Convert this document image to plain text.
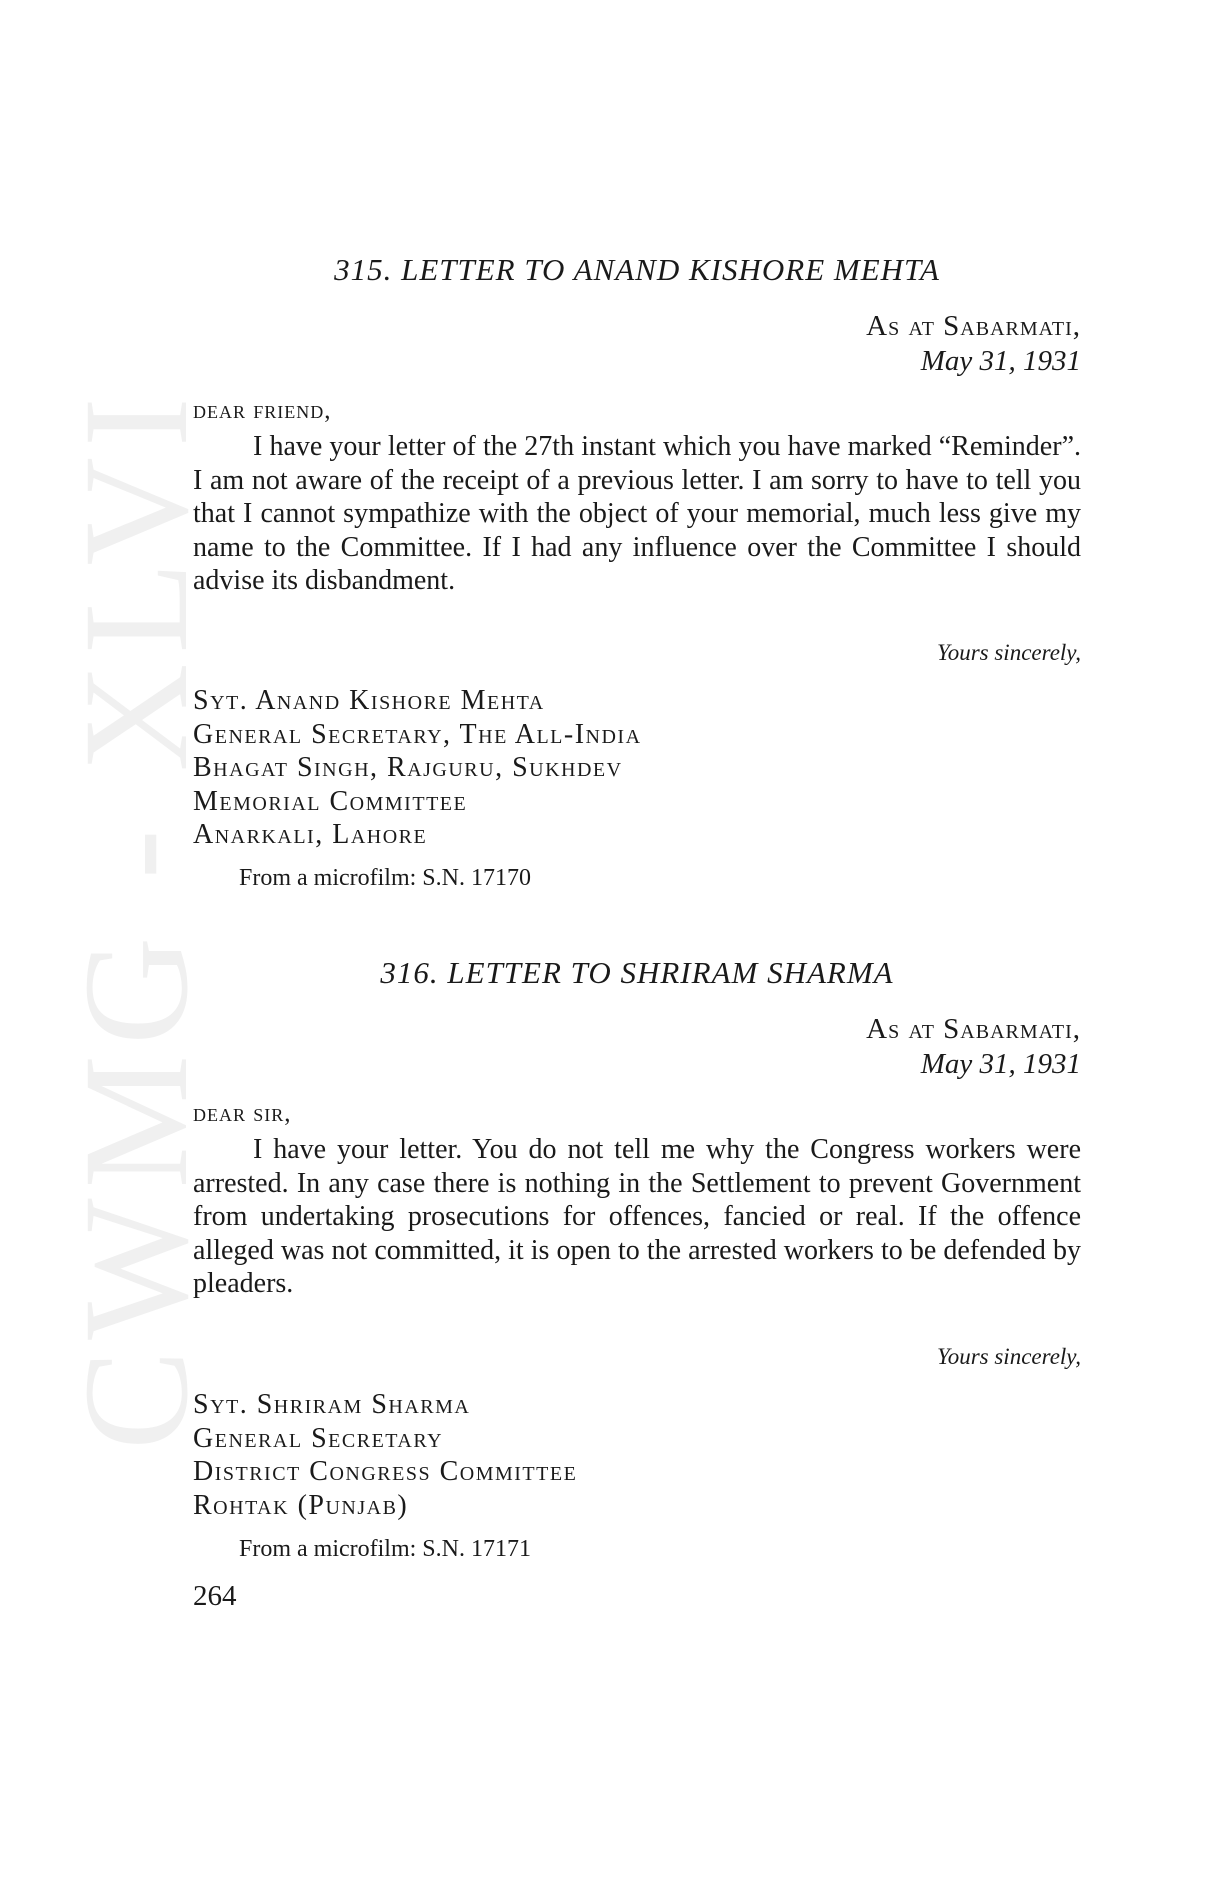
CWMG - XLVI
315. LETTER TO ANAND KISHORE MEHTA
As at Sabarmati,
May 31, 1931
dear friend,

I have your letter of the 27th instant which you have marked “Reminder”. I am not aware of the receipt of a previous letter. I am sorry to have to tell you that I cannot sympathize with the object of your memorial, much less give my name to the Committee. If I had any influence over the Committee I should advise its disbandment.

Yours sincerely,
Syt. Anand Kishore Mehta
General Secretary, The All-India
Bhagat Singh, Rajguru, Sukhdev
Memorial Committee
Anarkali, Lahore
From a microfilm: S.N. 17170
316. LETTER TO SHRIRAM SHARMA
As at Sabarmati,
May 31, 1931
dear sir,

I have your letter. You do not tell me why the Congress workers were arrested. In any case there is nothing in the Settlement to prevent Government from undertaking prosecutions for offences, fancied or real. If the offence alleged was not committed, it is open to the arrested workers to be defended by pleaders.

Yours sincerely,
Syt. Shriram Sharma
General Secretary
District Congress Committee
Rohtak (Punjab)
From a microfilm: S.N. 17171
264
